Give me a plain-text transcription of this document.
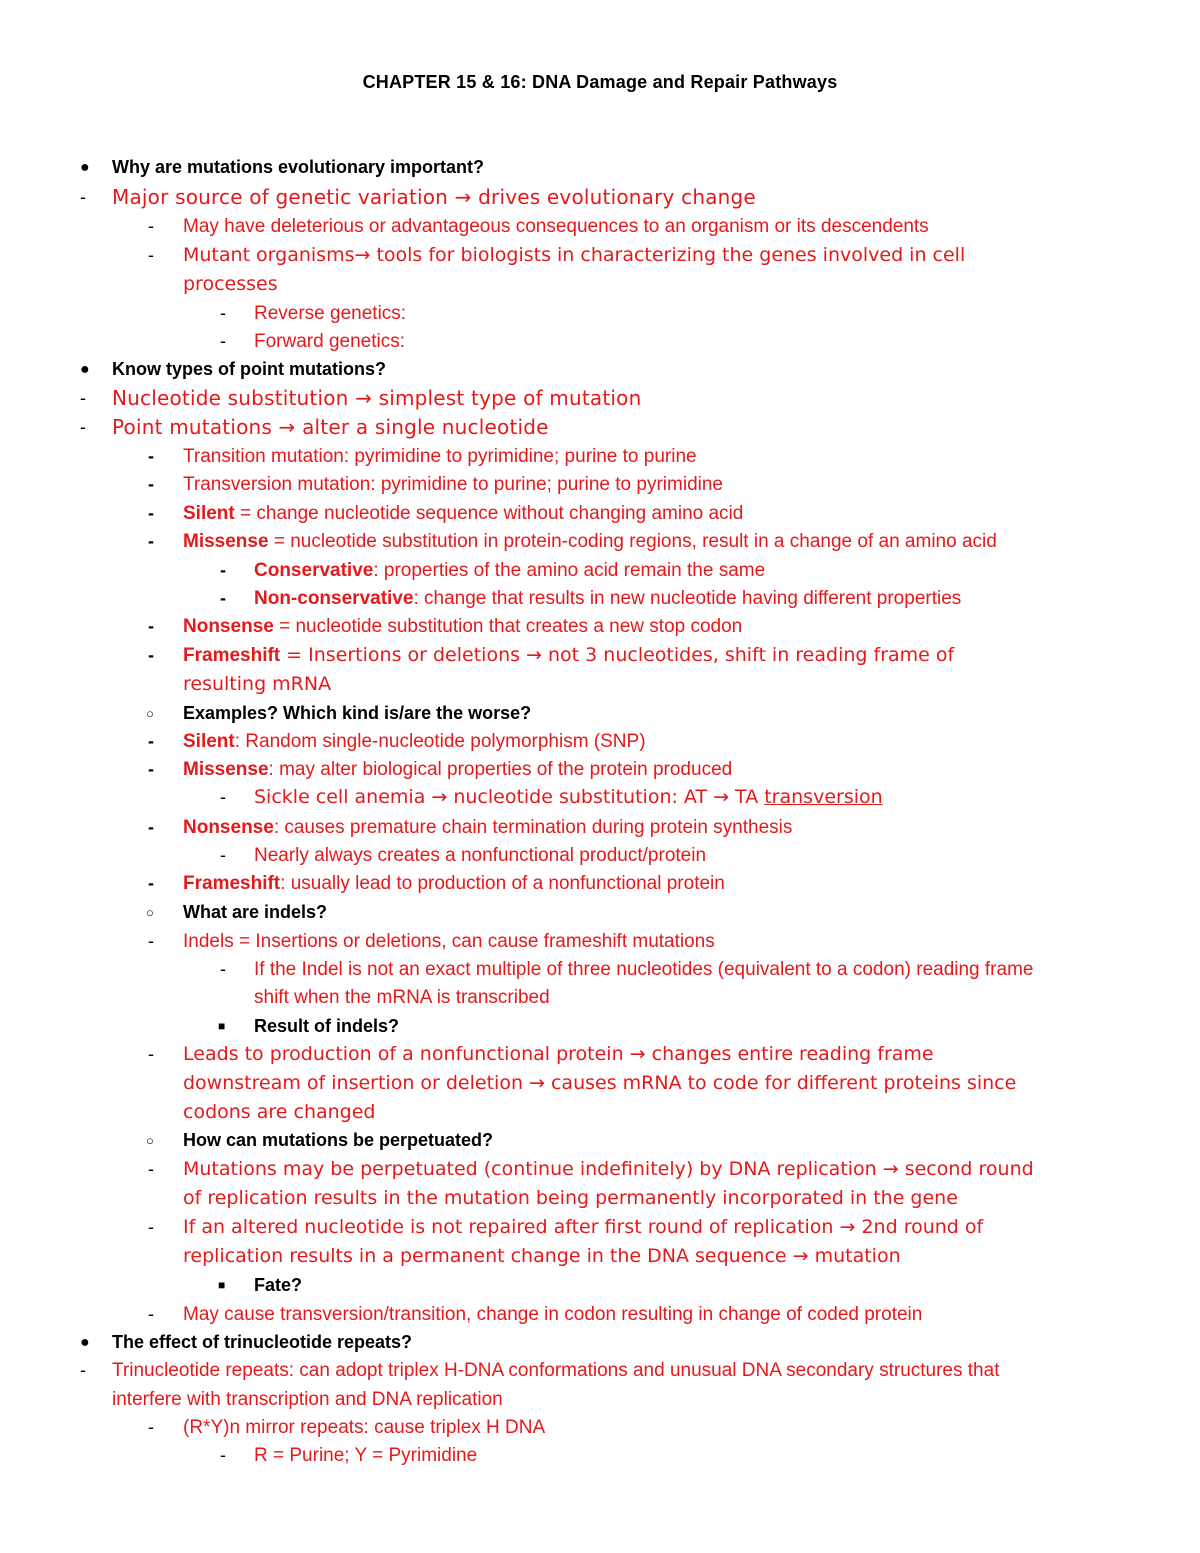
CHAPTER 15 & 16: DNA Damage and Repair Pathways
● Why are mutations evolutionary important?
- Major source of genetic variation → drives evolutionary change
- May have deleterious or advantageous consequences to an organism or its descendents
- Mutant organisms→ tools for biologists in characterizing the genes involved in cell
processes
- Reverse genetics:
- Forward genetics:
● Know types of point mutations?
- Nucleotide substitution → simplest type of mutation
- Point mutations → alter a single nucleotide
- Transition mutation: pyrimidine to pyrimidine; purine to purine
- Transversion mutation: pyrimidine to purine; purine to pyrimidine
- Silent = change nucleotide sequence without changing amino acid
- Missense = nucleotide substitution in protein-coding regions, result in a change of an amino acid
- Conservative: properties of the amino acid remain the same
- Non-conservative: change that results in new nucleotide having different properties
- Nonsense = nucleotide substitution that creates a new stop codon
- Frameshift = Insertions or deletions → not 3 nucleotides, shift in reading frame of
resulting mRNA
○ Examples? Which kind is/are the worse?
- Silent: Random single-nucleotide polymorphism (SNP)
- Missense: may alter biological properties of the protein produced
- Sickle cell anemia → nucleotide substitution: AT → TA transversion
- Nonsense: causes premature chain termination during protein synthesis
- Nearly always creates a nonfunctional product/protein
- Frameshift: usually lead to production of a nonfunctional protein
○ What are indels?
- Indels = Insertions or deletions, can cause frameshift mutations
- If the Indel is not an exact multiple of three nucleotides (equivalent to a codon) reading frame
shift when the mRNA is transcribed
■ Result of indels?
- Leads to production of a nonfunctional protein → changes entire reading frame
downstream of insertion or deletion → causes mRNA to code for different proteins since
codons are changed
○ How can mutations be perpetuated?
- Mutations may be perpetuated (continue indefinitely) by DNA replication → second round
of replication results in the mutation being permanently incorporated in the gene
- If an altered nucleotide is not repaired after first round of replication → 2nd round of
replication results in a permanent change in the DNA sequence → mutation
■ Fate?
- May cause transversion/transition, change in codon resulting in change of coded protein
● The effect of trinucleotide repeats?
- Trinucleotide repeats: can adopt triplex H-DNA conformations and unusual DNA secondary structures that
interfere with transcription and DNA replication
- (R*Y)n mirror repeats: cause triplex H DNA
- R = Purine; Y = Pyrimidine
